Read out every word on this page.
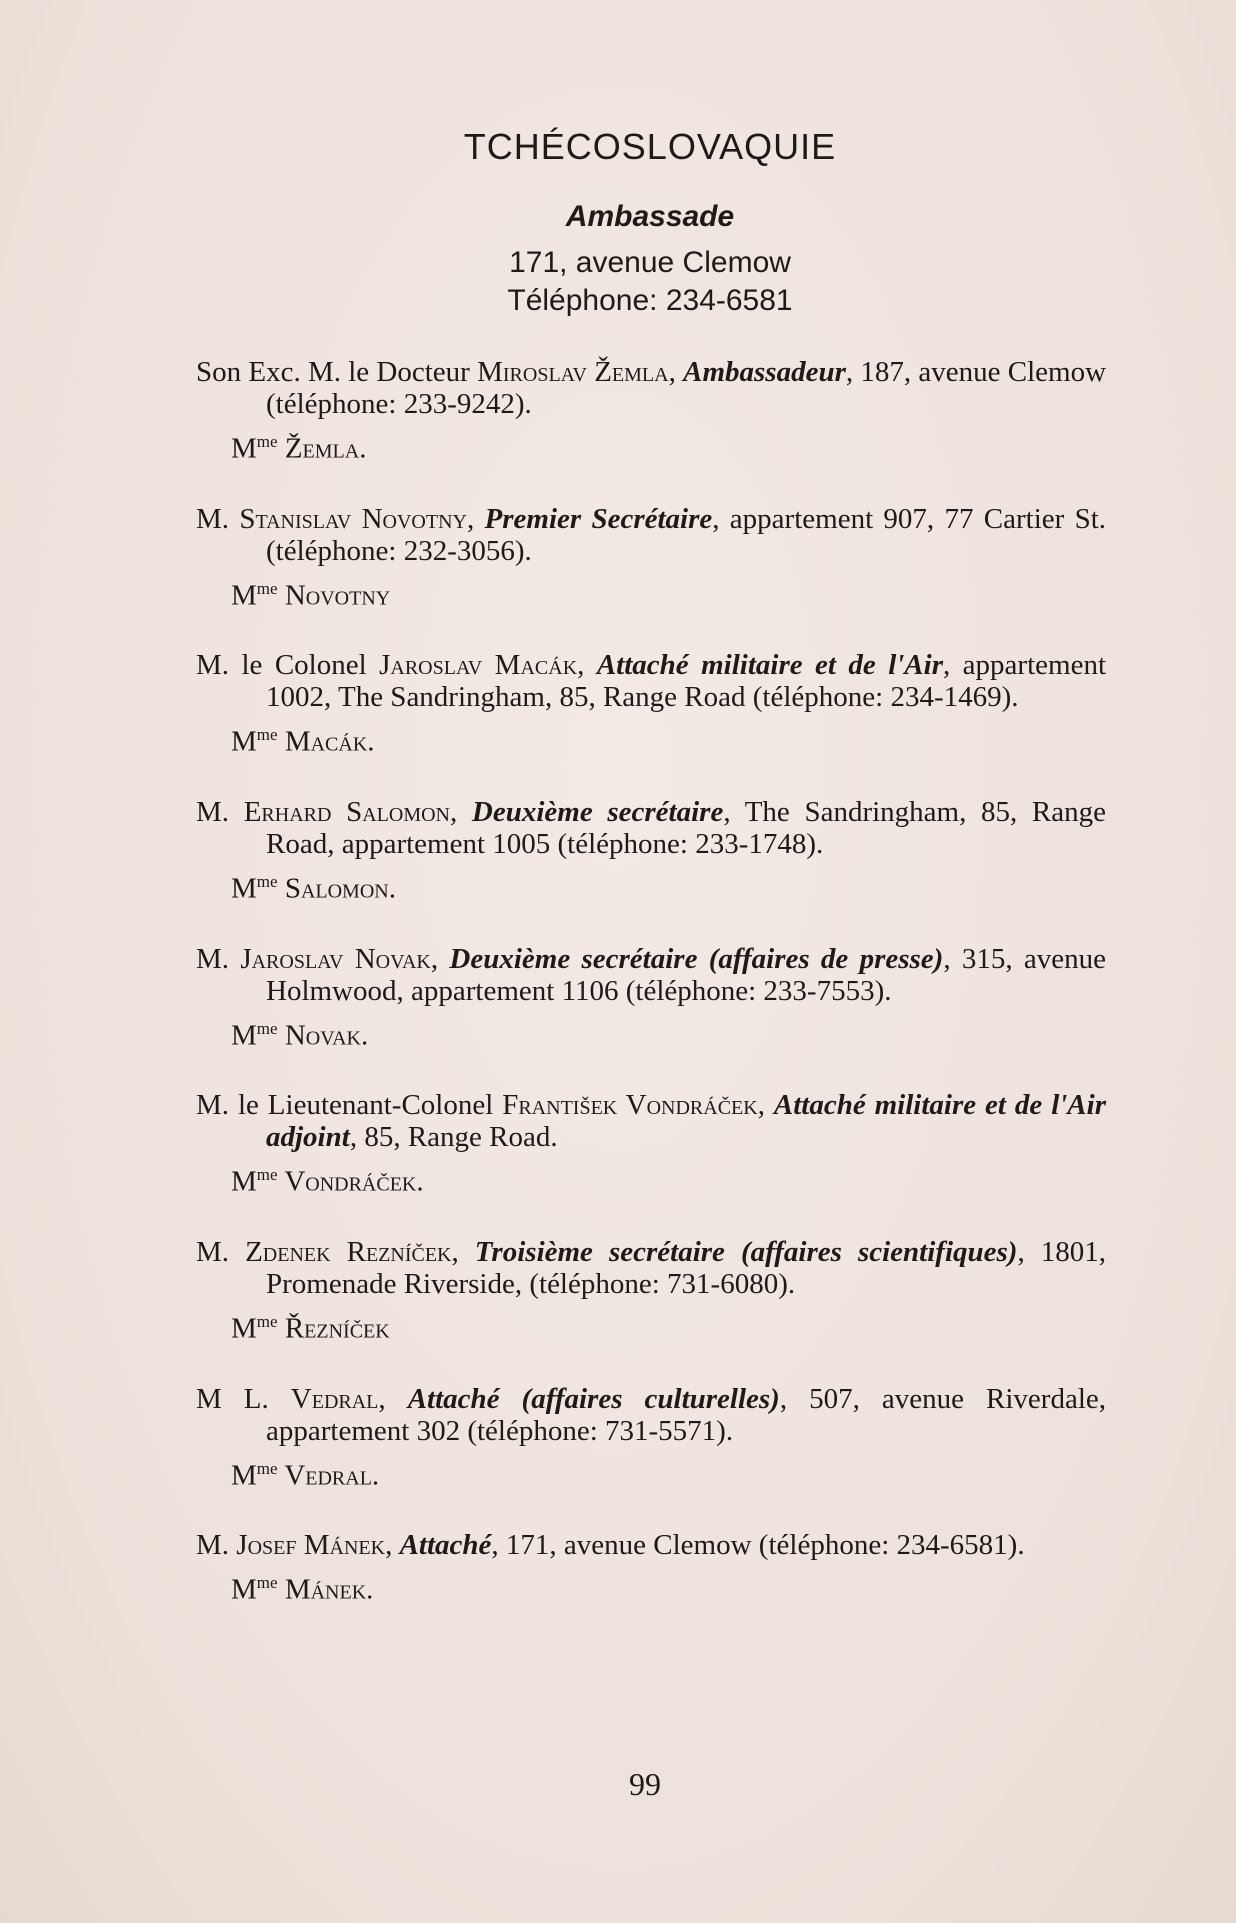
TCHÉCOSLOVAQUIE
Ambassade
171, avenue Clemow
Téléphone: 234-6581

Son Exc. M. le Docteur Miroslav Žemla, Ambassadeur, 187, avenue Clemow (téléphone: 233-9242).

$M^{me}$ Žemla.

M. Stanislav Novotny, Premier Secrétaire, appartement 907, 77 Cartier St. (téléphone: 232-3056).

$M^{me}$ Novotny

M. le Colonel Jaroslav Macák, Attaché militaire et de l'Air, appartement 1002, The Sandringham, 85, Range Road (téléphone: 234-1469).

$M^{me}$ Macák.

M. Erhard Salomon, Deuxième secrétaire, The Sandringham, 85, Range Road, appartement 1005 (téléphone: 233-1748).

$M^{me}$ Salomon.

M. Jaroslav Novak, Deuxième secrétaire (affaires de presse), 315, avenue Holmwood, appartement 1106 (téléphone: 233-7553).

$M^{me}$ Novak.

M. le Lieutenant-Colonel František Vondráček, Attaché militaire et de l'Air adjoint, 85, Range Road.

$M^{me}$ Vondráček.

M. Zdenek Rezníček, Troisième secrétaire (affaires scientifiques), 1801, Promenade Riverside, (téléphone: 731-6080).

$M^{me}$ Řezníček

M L. Vedral, Attaché (affaires culturelles), 507, avenue Riverdale, appartement 302 (téléphone: 731-5571).

$M^{me}$ Vedral.

M. Josef Mánek, Attaché, 171, avenue Clemow (téléphone: 234-6581).

$M^{me}$ Mánek.
99
